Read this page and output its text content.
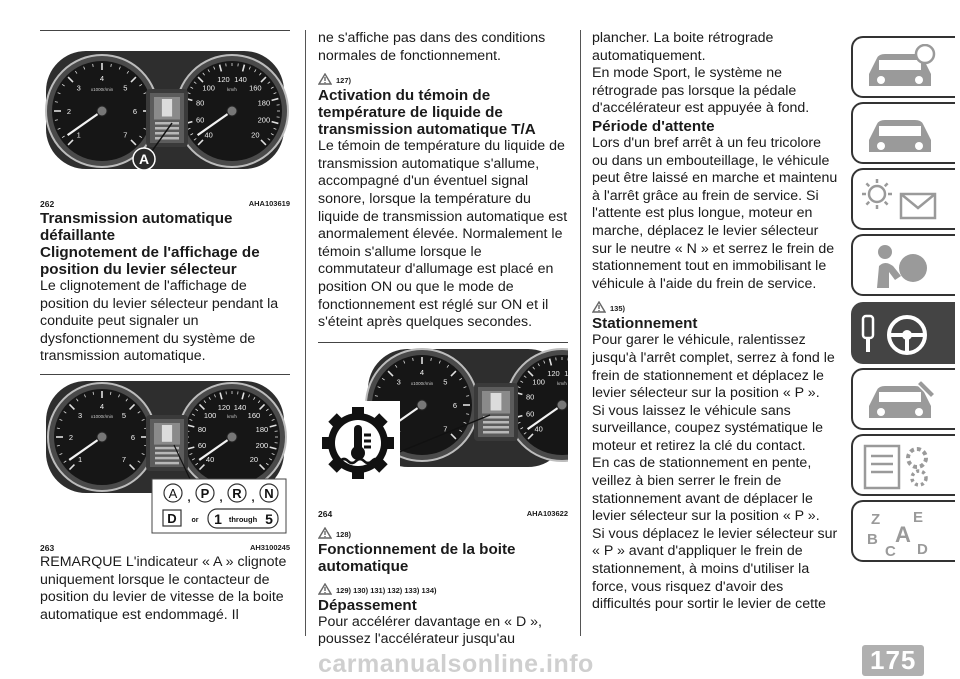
1
2
3
4
5
6
7
x1000r/min
40
60
80
100
120 140
160
180
200
20
km/h
A
262	AHA103619
Transmission automatique défaillante
Clignotement de l'affichage de position du levier sélecteur

Le clignotement de l'affichage de position du levier sélecteur pendant la conduite peut signaler un dysfonctionnement du système de transmission automatique.

1
2
3
4
5
6
7
x1000r/min
40
60
80
100
120 140
160
180
200
20
km/h
A , P , R , N
D or 1 through 5
263	AH3100245

REMARQUE L'indicateur « A » clignote uniquement lorsque le contacteur de position du levier de vitesse de la boite automatique est endommagé. Il

ne s'affiche pas dans des conditions normales de fonctionnement.

127)
Activation du témoin de température de liquide de transmission automatique T/A

Le témoin de température du liquide de transmission automatique s'allume, accompagné d'un éventuel signal sonore, lorsque la température du liquide de transmission automatique est anormalement élevée. Normalement le témoin s'allume lorsque le commutateur d'allumage est placé en position ON ou que le mode de fonctionnement est réglé sur ON et il s'éteint après quelques secondes.

3
4
5
6
7
x1000r/min
40
60
80
100
120 1
km/h
264	AHA103622
128)
Fonctionnement de la boite automatique
129) 130) 131) 132) 133) 134)
Dépassement

Pour accélérer davantage en « D », poussez l'accélérateur jusqu'au

plancher. La boite rétrograde automatiquement.

En mode Sport, le système ne rétrograde pas lorsque la pédale d'accélérateur est appuyée à fond.

Période d'attente

Lors d'un bref arrêt à un feu tricolore ou dans un embouteillage, le véhicule peut être laissé en marche et maintenu à l'arrêt grâce au frein de service. Si l'attente est plus longue, moteur en marche, déplacez le levier sélecteur sur le neutre « N » et serrez le frein de stationnement tout en immobilisant le véhicule à l'aide du frein de service.

135)
Stationnement

Pour garer le véhicule, ralentissez jusqu'à l'arrêt complet, serrez à fond le frein de stationnement et déplacez le levier sélecteur sur la position « P ».

Si vous laissez le véhicule sans surveillance, coupez systématique le moteur et retirez la clé du contact.

En cas de stationnement en pente, veillez à bien serrer le frein de stationnement avant de déplacer le levier sélecteur sur la position « P ».

Si vous déplacez le levier sélecteur sur « P » avant d'appliquer le frein de stationnement, à moins d'utiliser la force, vous risquez d'avoir des difficultés pour sortir le levier de cette

Z E
B A
C D
175
carmanualsonline.info
